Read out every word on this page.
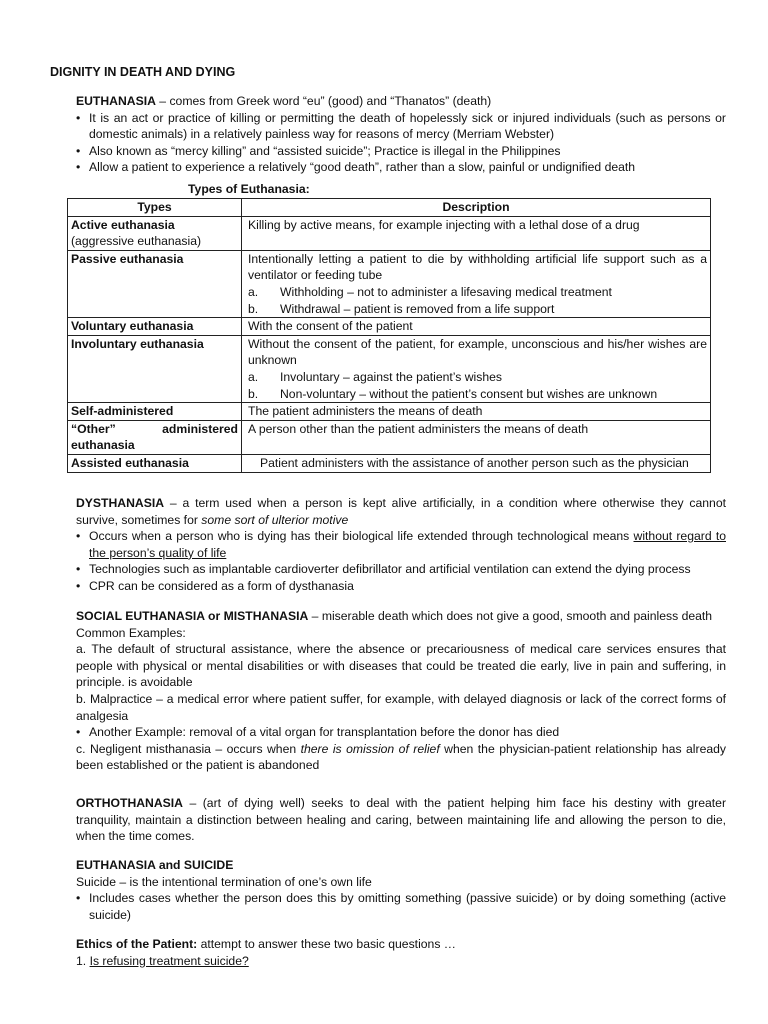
DIGNITY IN DEATH AND DYING
EUTHANASIA – comes from Greek word “eu” (good) and “Thanatos” (death)
• It is an act or practice of killing or permitting the death of hopelessly sick or injured individuals (such as persons or domestic animals) in a relatively painless way for reasons of mercy (Merriam Webster)
• Also known as “mercy killing” and “assisted suicide”; Practice is illegal in the Philippines
• Allow a patient to experience a relatively “good death”, rather than a slow, painful or undignified death
Types of Euthanasia:
Types	Description

Active euthanasia
(aggressive euthanasia)	Killing by active means, for example injecting with a lethal dose of a drug

Passive euthanasia	Intentionally letting a patient to die by withholding artificial life support such as a ventilator or feeding tube
a. Withholding – not to administer a lifesaving medical treatment
b. Withdrawal – patient is removed from a life support

Voluntary euthanasia	With the consent of the patient
Involuntary euthanasia	Without the consent of the patient, for example, unconscious and his/her wishes are unknown
a. Involuntary – against the patient’s wishes
b. Non-voluntary – without the patient’s consent but wishes are unknown

Self-administered	The patient administers the means of death
“Other” administered euthanasia	A person other than the patient administers the means of death
Assisted euthanasia	Patient administers with the assistance of another person such as the physician
DYSTHANASIA – a term used when a person is kept alive artificially, in a condition where otherwise they cannot survive, sometimes for some sort of ulterior motive
• Occurs when a person who is dying has their biological life extended through technological means without regard to the person’s quality of life
• Technologies such as implantable cardioverter defibrillator and artificial ventilation can extend the dying process
• CPR can be considered as a form of dysthanasia
SOCIAL EUTHANASIA or MISTHANASIA – miserable death which does not give a good, smooth and painless death
Common Examples:
a. The default of structural assistance, where the absence or precariousness of medical care services ensures that people with physical or mental disabilities or with diseases that could be treated die early, live in pain and suffering, in principle. is avoidable
b. Malpractice – a medical error where patient suffer, for example, with delayed diagnosis or lack of the correct forms of analgesia
• Another Example: removal of a vital organ for transplantation before the donor has died
c. Negligent misthanasia – occurs when there is omission of relief when the physician-patient relationship has already been established or the patient is abandoned
ORTHOTHANASIA – (art of dying well) seeks to deal with the patient helping him face his destiny with greater tranquility, maintain a distinction between healing and caring, between maintaining life and allowing the person to die, when the time comes.
EUTHANASIA and SUICIDE
Suicide – is the intentional termination of one’s own life
• Includes cases whether the person does this by omitting something (passive suicide) or by doing something (active suicide)
Ethics of the Patient: attempt to answer these two basic questions …
1. Is refusing treatment suicide?
